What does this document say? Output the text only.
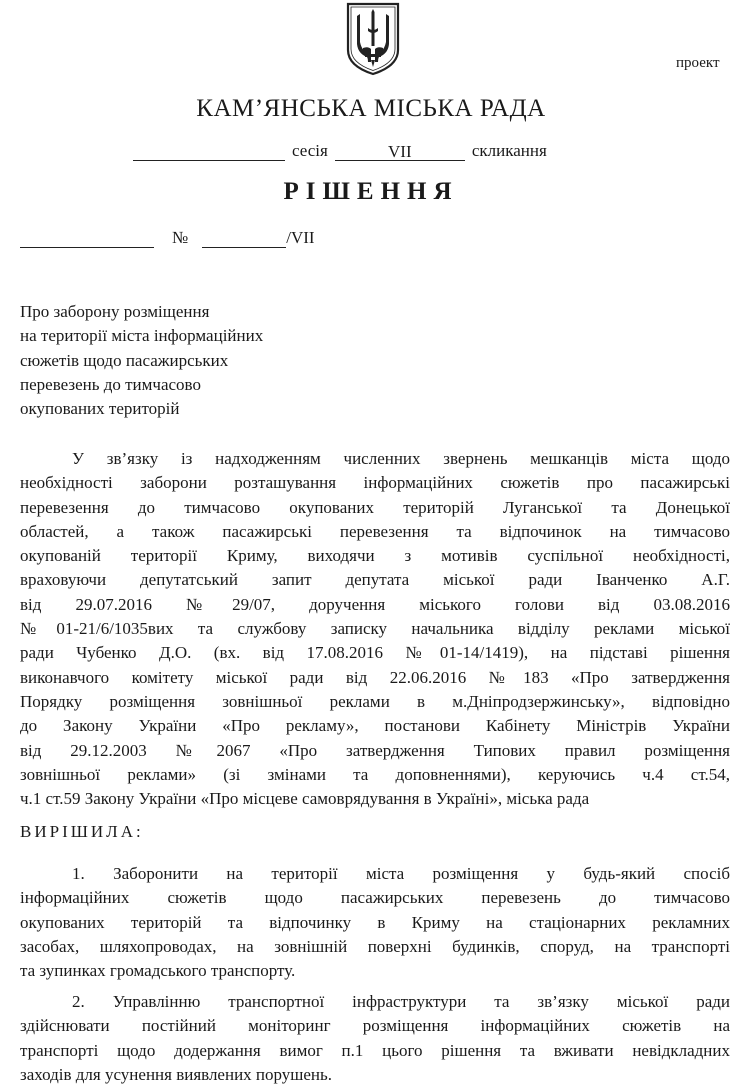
проект
КАМ’ЯНСЬКА МІСЬКА РАДА
сесія	VII	скликання
РІШЕННЯ
№	/VII
Про заборону розміщення
на території міста інформаційних
сюжетів щодо пасажирських
перевезень до тимчасово
окупованих територій
У зв’язку із надходженням численних звернень мешканців міста щодо
необхідності заборони розташування інформаційних сюжетів про пасажирські
перевезення до тимчасово окупованих територій Луганської та Донецької
областей, а також пасажирські перевезення та відпочинок на тимчасово
окупованій території Криму, виходячи з мотивів суспільної необхідності,
враховуючи депутатський запит депутата міської ради Іванченко А.Г.
від 29.07.2016 №29/07, доручення міського голови від 03.08.2016
№01-21/6/1035вих та службову записку начальника відділу реклами міської
ради Чубенко Д.О. (вх. від 17.08.2016 №01-14/1419), на підставі рішення
виконавчого комітету міської ради від 22.06.2016 №183 «Про затвердження
Порядку розміщення зовнішньої реклами в м.Дніпродзержинську», відповідно
до Закону України «Про рекламу», постанови Кабінету Міністрів України
від 29.12.2003 №2067 «Про затвердження Типових правил розміщення
зовнішньої реклами» (зі змінами та доповненнями), керуючись ч.4 ст.54,
ч.1 ст.59 Закону України «Про місцеве самоврядування в Україні», міська рада
ВИРІШИЛА:
1. Заборонити на території міста розміщення у будь-який спосіб
інформаційних сюжетів щодо пасажирських перевезень до тимчасово
окупованих територій та відпочинку в Криму на стаціонарних рекламних
засобах, шляхопроводах, на зовнішній поверхні будинків, споруд, на транспорті
та зупинках громадського транспорту.
2. Управлінню транспортної інфраструктури та зв’язку міської ради
здійснювати постійний моніторинг розміщення інформаційних сюжетів на
транспорті щодо додержання вимог п.1 цього рішення та вживати невідкладних
заходів для усунення виявлених порушень.
